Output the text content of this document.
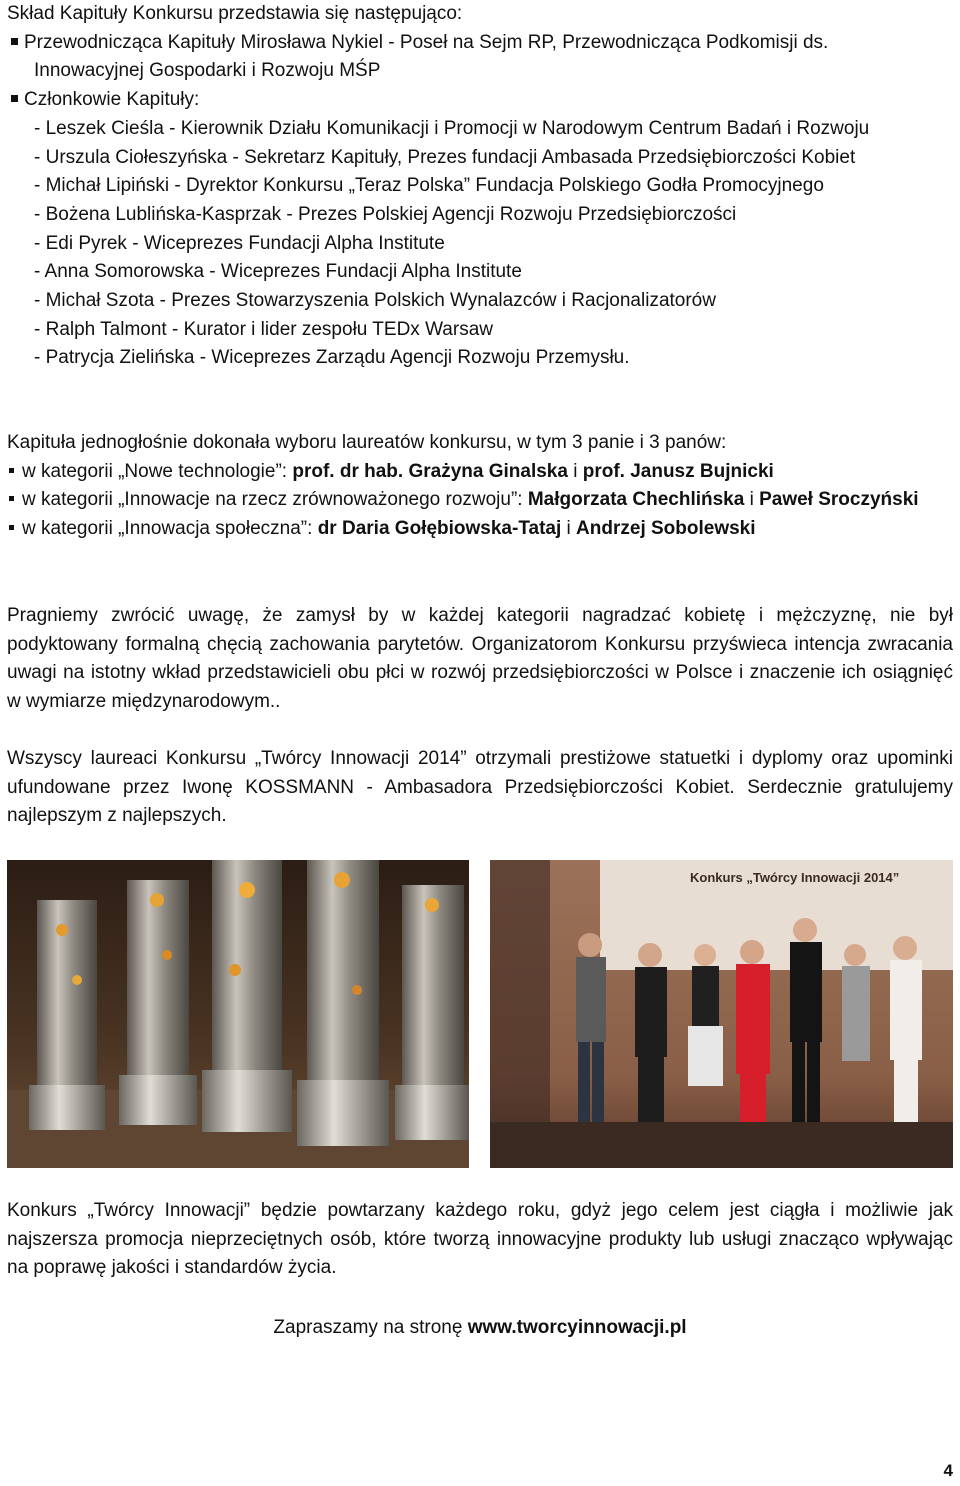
Skład Kapituły Konkursu przedstawia się następująco:

Przewodnicząca Kapituły Mirosława Nykiel - Poseł na Sejm RP, Przewodnicząca Podkomisji ds.

Innowacyjnej Gospodarki i Rozwoju MŚP

Członkowie Kapituły:

- Leszek Cieśla - Kierownik Działu Komunikacji i Promocji w Narodowym Centrum Badań i Rozwoju

- Urszula Ciołeszyńska - Sekretarz Kapituły, Prezes fundacji Ambasada Przedsiębiorczości Kobiet

- Michał Lipiński - Dyrektor Konkursu „Teraz Polska” Fundacja Polskiego Godła Promocyjnego

- Bożena Lublińska-Kasprzak - Prezes Polskiej Agencji Rozwoju Przedsiębiorczości

- Edi Pyrek - Wiceprezes Fundacji Alpha Institute

- Anna Somorowska - Wiceprezes Fundacji Alpha Institute

- Michał Szota - Prezes Stowarzyszenia Polskich Wynalazców i Racjonalizatorów

- Ralph Talmont - Kurator i lider zespołu TEDx Warsaw

- Patrycja Zielińska - Wiceprezes Zarządu Agencji Rozwoju Przemysłu.

Kapituła jednogłośnie dokonała wyboru laureatów konkursu, w tym 3 panie i 3 panów:

w kategorii „Nowe technologie”: prof. dr hab. Grażyna Ginalska i prof. Janusz Bujnicki

w kategorii „Innowacje na rzecz zrównoważonego rozwoju”: Małgorzata Chechlińska i Paweł Sroczyński

w kategorii „Innowacja społeczna”: dr Daria Gołębiowska-Tataj i Andrzej Sobolewski

Pragniemy zwrócić uwagę, że zamysł by w każdej kategorii nagradzać kobietę i mężczyznę, nie był podyktowany formalną chęcią zachowania parytetów. Organizatorom Konkursu przyświeca intencja zwracania uwagi na istotny wkład przedstawicieli obu płci w rozwój przedsiębiorczości w Polsce i znaczenie ich osiągnięć w wymiarze międzynarodowym..

Wszyscy laureaci Konkursu „Twórcy Innowacji 2014” otrzymali prestiżowe statuetki i dyplomy oraz upominki ufundowane przez Iwonę KOSSMANN - Ambasadora Przedsiębiorczości Kobiet. Serdecznie gratulujemy najlepszym z najlepszych.

Konkurs „Twórcy Innowacji” będzie powtarzany każdego roku, gdyż jego celem jest ciągła i możliwie jak najszersza promocja nieprzeciętnych osób, które tworzą innowacyjne produkty lub usługi znacząco wpływając na poprawę jakości i standardów życia.

Zapraszamy na stronę www.tworcyinnowacji.pl

Konkurs „Twórcy Innowacji 2014”
4
